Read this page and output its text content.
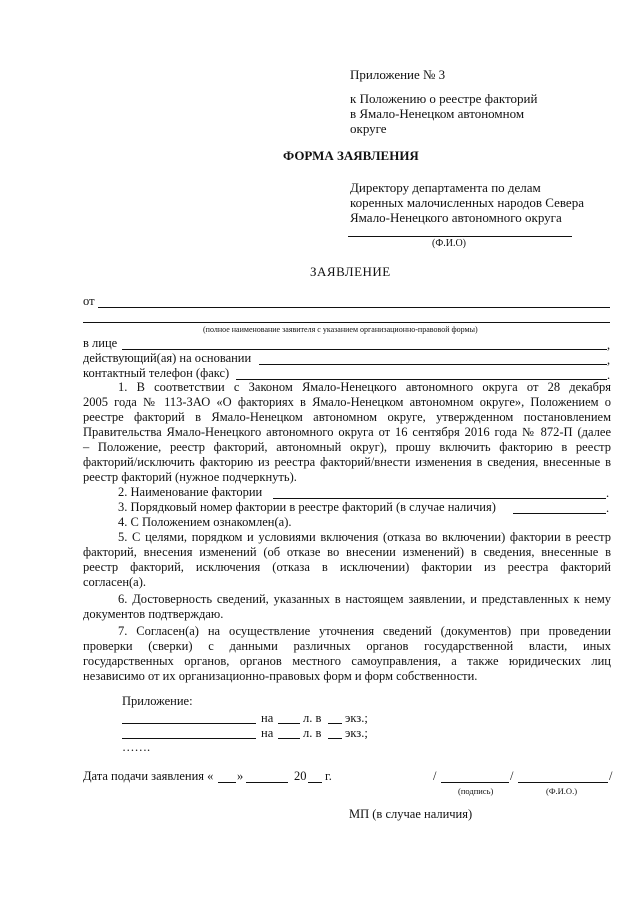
Приложение № 3
к Положению о реестре факторий
в Ямало-Ненецком автономном
округе
ФОРМА ЗАЯВЛЕНИЯ
Директору департамента по делам
коренных малочисленных народов Севера
Ямало-Ненецкого автономного округа
(Ф.И.О)
ЗАЯВЛЕНИЕ
от
(полное наименование заявителя с указанием организационно-правовой формы)
в лице	,
действующий(ая) на основании	,
контактный телефон (факс)	.
1. В соответствии с Законом Ямало-Ненецкого автономного округа от 28 декабря
2005 года № 113-ЗАО «О факториях в Ямало-Ненецком автономном округе», Положением о
реестре факторий в Ямало-Ненецком автономном округе, утвержденном постановлением
Правительства Ямало-Ненецкого автономного округа от 16 сентября 2016 года № 872-П (далее
– Положение, реестр факторий, автономный округ), прошу включить факторию в реестр
факторий/исключить факторию из реестра факторий/внести изменения в сведения, внесенные в
реестр факторий (нужное подчеркнуть).
2. Наименование фактории	.
3. Порядковый номер фактории в реестре факторий (в случае наличия)	.
4. С Положением ознакомлен(а).
5. С целями, порядком и условиями включения (отказа во включении) фактории в реестр
факторий, внесения изменений (об отказе во внесении изменений) в сведения, внесенные в
реестр факторий, исключения (отказа в исключении) фактории из реестра факторий
согласен(а).
6. Достоверность сведений, указанных в настоящем заявлении, и представленных к нему
документов подтверждаю.
7. Согласен(а) на осуществление уточнения сведений (документов) при проведении
проверки (сверки) с данными различных органов государственной власти, иных
государственных органов, органов местного самоуправления, а также юридических лиц
независимо от их организационно-правовых форм и форм собственности.
Приложение:
на л. в экз.;
на л. в экз.;
…….
Дата подачи заявления « »	20 г.	/	/	/
(подпись)	(Ф.И.О.)
МП (в случае наличия)
